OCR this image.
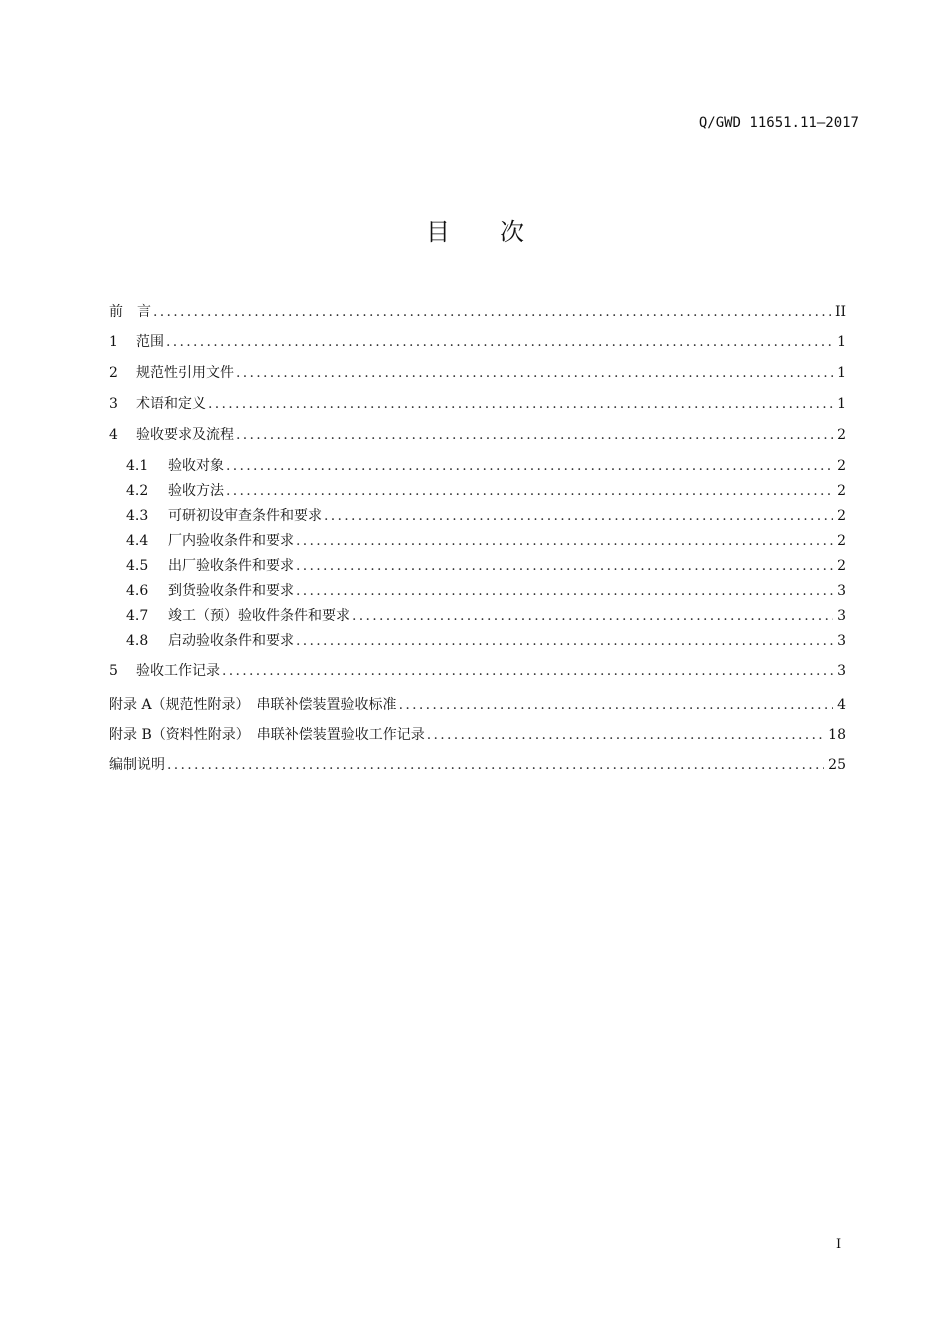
Q/GWD 11651.11—2017
目 次
前　言 .....	II
1	范围 .....	1
2	规范性引用文件 .....	1
3	术语和定义 .....	1
4	验收要求及流程 .....	2
4.1	验收对象 .....	2
4.2	验收方法 .....	2
4.3	可研初设审查条件和要求 .....	2
4.4	厂内验收条件和要求 .....	2
4.5	出厂验收条件和要求 .....	2
4.6	到货验收条件和要求 .....	3
4.7	竣工（预）验收件条件和要求 .....	3
4.8	启动验收条件和要求 .....	3
5	验收工作记录 .....	3
附录 A（规范性附录）　串联补偿装置验收标准 .....	4
附录 B（资料性附录）　串联补偿装置验收工作记录 .....	18
编制说明 .....	25
I
